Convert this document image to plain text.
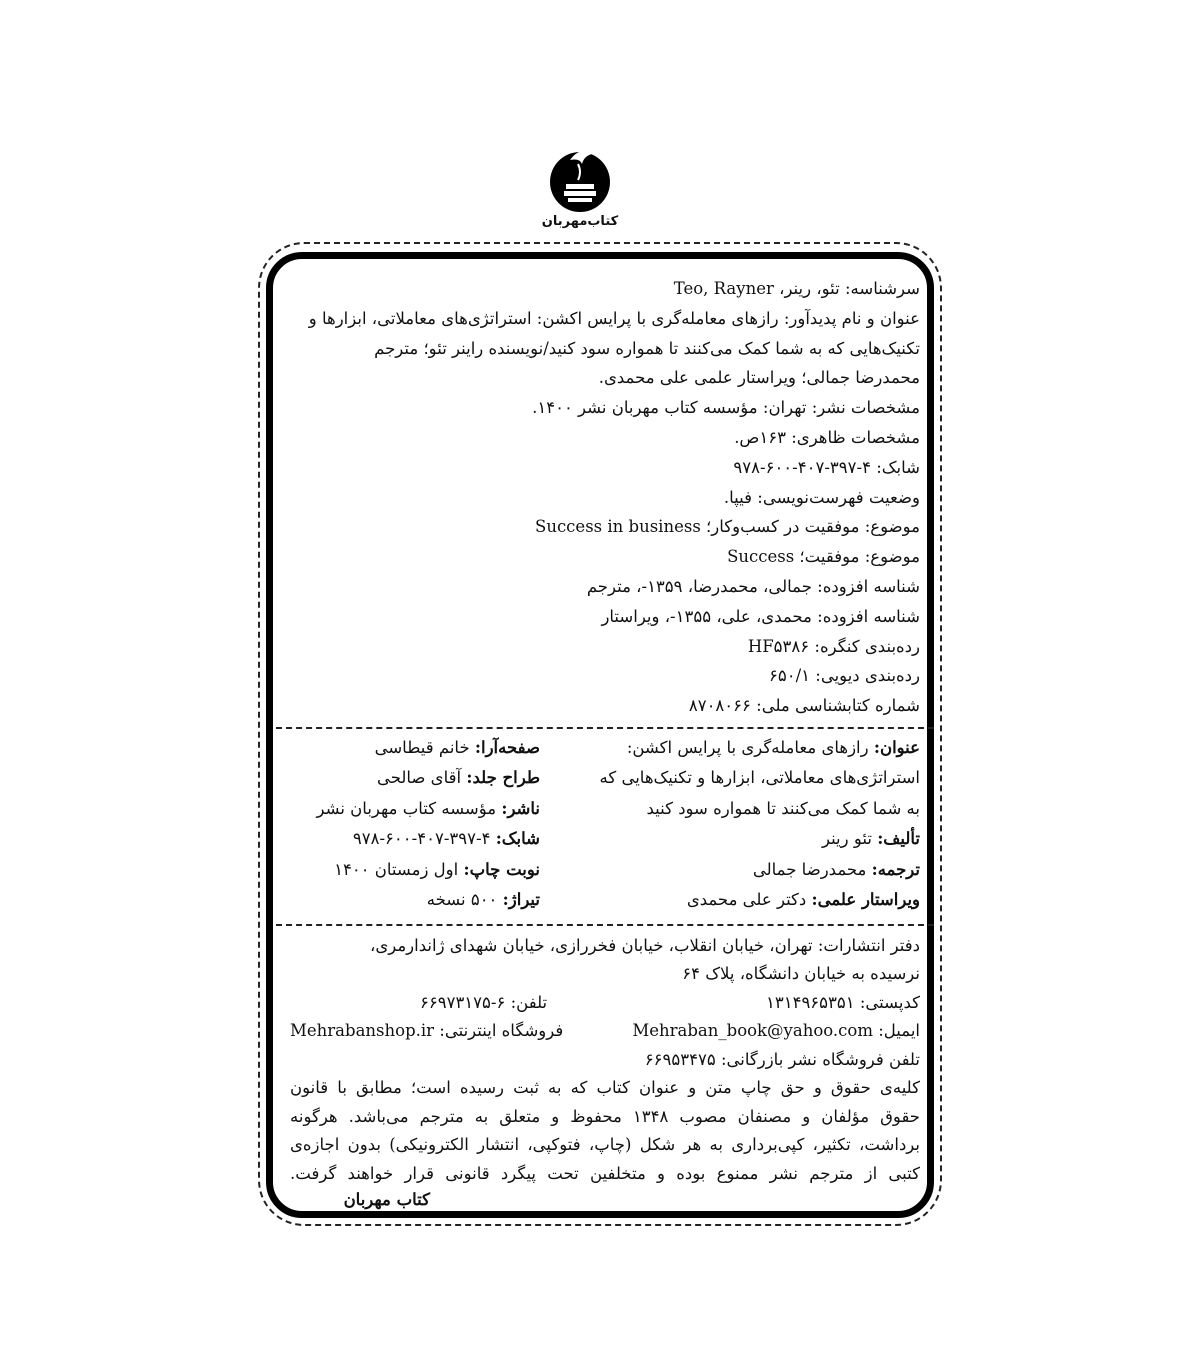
کتاب‌مهربان
سرشناسه: تئو، رینر، Teo, Rayner
عنوان و نام پدیدآور: رازهای معامله‌گری با پرایس اکشن: استراتژی‌های معاملاتی، ابزارها و
تکنیک‌هایی که به شما کمک می‌کنند تا همواره سود کنید/نویسنده راینر تئو؛ مترجم
محمدرضا جمالی؛ ویراستار علمی علی محمدی.
مشخصات نشر: تهران: مؤسسه کتاب مهربان نشر ۱۴۰۰.
مشخصات ظاهری: ۱۶۳ص.
شابک: ۴-۳۹۷-۴۰۷-۶۰۰-۹۷۸
وضعیت فهرست‌نویسی: فیپا.
موضوع: موفقیت در کسب‌وکار؛ Success in business
موضوع: موفقیت؛ Success
شناسه افزوده: جمالی، محمدرضا، ۱۳۵۹-، مترجم
شناسه افزوده: محمدی، علی، ۱۳۵۵-، ویراستار
رده‌بندی کنگره: HF۵۳۸۶
رده‌بندی دیویی: ۶۵۰/۱
شماره کتابشناسی ملی: ۸۷۰۸۰۶۶
عنوان: رازهای معامله‌گری با پرایس اکشن:
استراتژی‌های معاملاتی، ابزارها و تکنیک‌هایی که
به شما کمک می‌کنند تا همواره سود کنید
تألیف: تئو رینر
ترجمه: محمدرضا جمالی
ویراستار علمی: دکتر علی محمدی
صفحه‌آرا: خانم قیطاسی
طراح جلد: آقای صالحی
ناشر: مؤسسه کتاب مهربان نشر
شابک: ۴-۳۹۷-۴۰۷-۶۰۰-۹۷۸
نوبت چاپ: اول زمستان ۱۴۰۰
تیراژ: ۵۰۰ نسخه
دفتر انتشارات: تهران، خیابان انقلاب، خیابان فخررازی، خیابان شهدای ژاندارمری،
نرسیده به خیابان دانشگاه، پلاک ۶۴
کدپستی: ۱۳۱۴۹۶۵۳۵۱
تلفن: ۶-۶۶۹۷۳۱۷۵
ایمیل: Mehraban_book@yahoo.com
فروشگاه اینترنتی: Mehrabanshop.ir
تلفن فروشگاه نشر بازرگانی: ۶۶۹۵۳۴۷۵
کلیه‌ی حقوق و حق چاپ متن و عنوان کتاب که به ثبت رسیده است؛ مطابق با قانون
حقوق مؤلفان و مصنفان مصوب ۱۳۴۸ محفوظ و متعلق به مترجم می‌باشد. هرگونه
برداشت، تکثیر، کپی‌برداری به هر شکل (چاپ، فتوکپی، انتشار الکترونیکی) بدون اجازه‌ی
کتبی از مترجم نشر ممنوع بوده و متخلفین تحت پیگرد قانونی قرار خواهند گرفت.
کتاب مهربان
